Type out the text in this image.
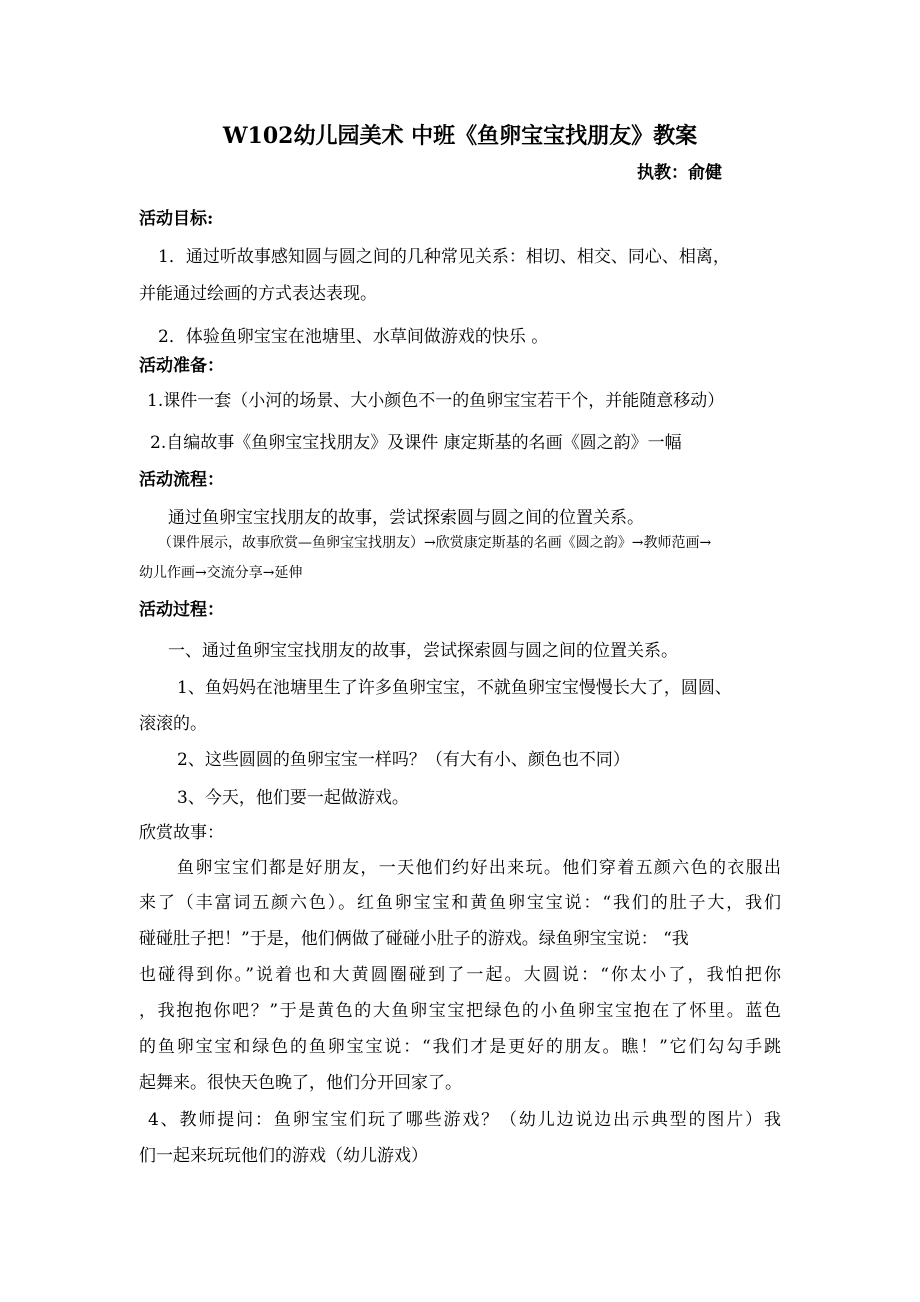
W102幼儿园美术 中班《鱼卵宝宝找朋友》教案
执教：俞健
活动目标:
1．通过听故事感知圆与圆之间的几种常见关系：相切、相交、同心、相离，
并能通过绘画的方式表达表现。
2．体验鱼卵宝宝在池塘里、水草间做游戏的快乐 。
活动准备：
1.课件一套（小河的场景、大小颜色不一的鱼卵宝宝若干个，并能随意移动）
2.自编故事《鱼卵宝宝找朋友》及课件 康定斯基的名画《圆之韵》一幅
活动流程：
通过鱼卵宝宝找朋友的故事，尝试探索圆与圆之间的位置关系。
（课件展示，故事欣赏—鱼卵宝宝找朋友）→欣赏康定斯基的名画《圆之韵》→教师范画→
幼儿作画→交流分享→延伸
活动过程：
一、通过鱼卵宝宝找朋友的故事，尝试探索圆与圆之间的位置关系。
1、鱼妈妈在池塘里生了许多鱼卵宝宝，不就鱼卵宝宝慢慢长大了，圆圆、
滚滚的。
2、这些圆圆的鱼卵宝宝一样吗？（有大有小、颜色也不同）
3、今天，他们要一起做游戏。
欣赏故事：
鱼卵宝宝们都是好朋友，一天他们约好出来玩。他们穿着五颜六色的衣服出
来了（丰富词五颜六色）。红鱼卵宝宝和黄鱼卵宝宝说：“我们的肚子大，我们
碰碰肚子把！”于是，他们俩做了碰碰小肚子的游戏。绿鱼卵宝宝说： “我
也碰得到你。”说着也和大黄圆圈碰到了一起。大圆说：“你太小了，我怕把你
，我抱抱你吧？”于是黄色的大鱼卵宝宝把绿色的小鱼卵宝宝抱在了怀里。蓝色
的鱼卵宝宝和绿色的鱼卵宝宝说：“我们才是更好的朋友。瞧！”它们勾勾手跳
起舞来。很快天色晚了，他们分开回家了。
4、教师提问：鱼卵宝宝们玩了哪些游戏？（幼儿边说边出示典型的图片）我
们一起来玩玩他们的游戏（幼儿游戏）
